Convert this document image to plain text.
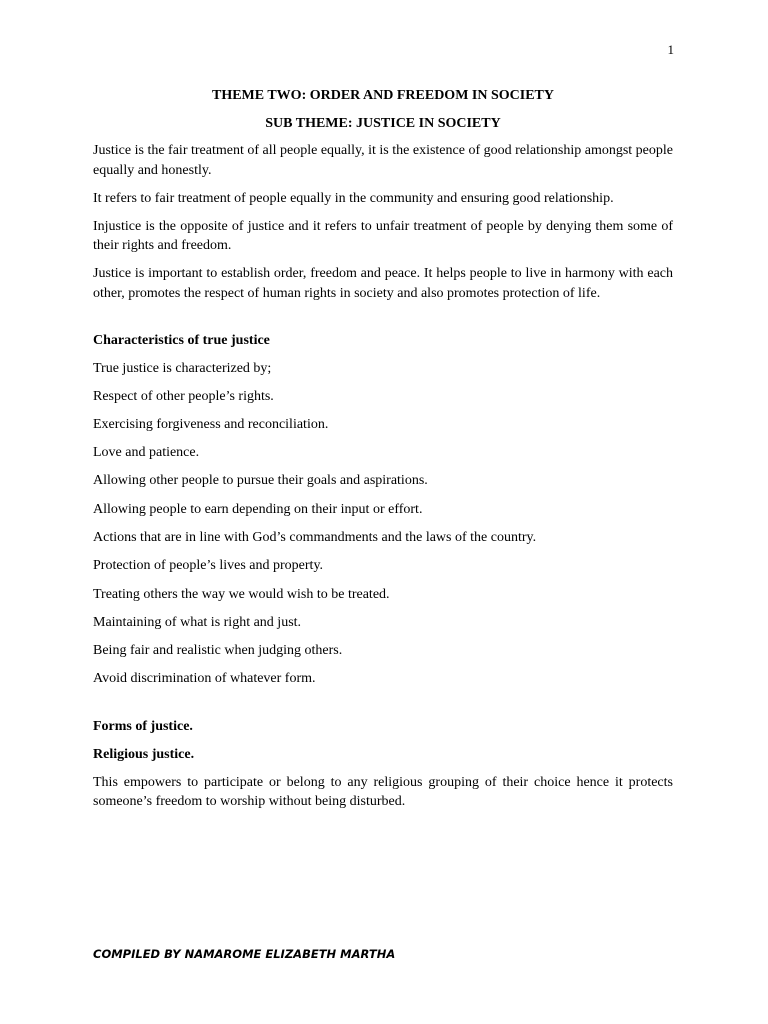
1

THEME TWO: ORDER AND FREEDOM IN SOCIETY

SUB THEME: JUSTICE IN SOCIETY

Justice is the fair treatment of all people equally, it is the existence of good relationship amongst people equally and honestly.

It refers to fair treatment of people equally in the community and ensuring good relationship.

Injustice is the opposite of justice and it refers to unfair treatment of people by denying them some of their rights and freedom.

Justice is important to establish order, freedom and peace. It helps people to live in harmony with each other, promotes the respect of human rights in society and also promotes protection of life.

Characteristics of true justice

True justice is characterized by;

Respect of other people’s rights.
Exercising forgiveness and reconciliation.
Love and patience.
Allowing other people to pursue their goals and aspirations.
Allowing people to earn depending on their input or effort.
Actions that are in line with God’s commandments and the laws of the country.
Protection of people’s lives and property.
Treating others the way we would wish to be treated.
Maintaining of what is right and just.
Being fair and realistic when judging others.
Avoid discrimination of whatever form.

Forms of justice.

Religious justice.

This empowers to participate or belong to any religious grouping of their choice hence it protects someone’s freedom to worship without being disturbed.

COMPILED BY NAMAROME ELIZABETH MARTHA
